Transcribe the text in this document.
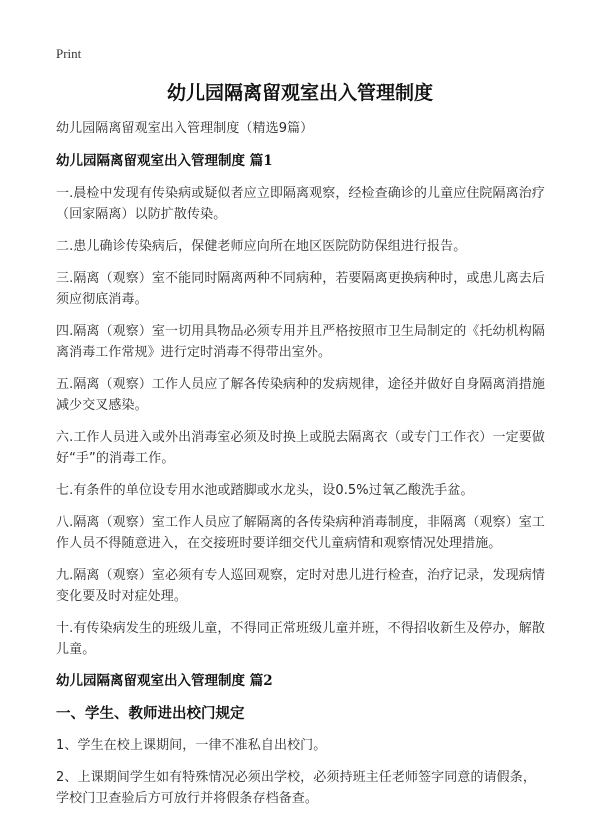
Print
幼儿园隔离留观室出入管理制度

幼儿园隔离留观室出入管理制度（精选9篇）

幼儿园隔离留观室出入管理制度 篇1

一.晨检中发现有传染病或疑似者应立即隔离观察，经检查确诊的儿童应住院隔离治疗（回家隔离）以防扩散传染。

二.患儿确诊传染病后，保健老师应向所在地区医院防防保组进行报告。

三.隔离（观察）室不能同时隔离两种不同病种，若要隔离更换病种时，或患儿离去后须应彻底消毒。

四.隔离（观察）室一切用具物品必须专用并且严格按照市卫生局制定的《托幼机构隔离消毒工作常规》进行定时消毒不得带出室外。

五.隔离（观察）工作人员应了解各传染病种的发病规律，途径并做好自身隔离消措施减少交叉感染。

六.工作人员进入或外出消毒室必须及时换上或脱去隔离衣（或专门工作衣）一定要做好“手”的消毒工作。

七.有条件的单位设专用水池或踏脚或水龙头，设0.5%过氧乙酸洗手盆。

八.隔离（观察）室工作人员应了解隔离的各传染病种消毒制度，非隔离（观察）室工作人员不得随意进入，在交接班时要详细交代儿童病情和观察情况处理措施。

九.隔离（观察）室必须有专人巡回观察，定时对患儿进行检查，治疗记录，发现病情变化要及时对症处理。

十.有传染病发生的班级儿童，不得同正常班级儿童并班，不得招收新生及停办，解散儿童。

幼儿园隔离留观室出入管理制度 篇2

一、学生、教师进出校门规定

1、学生在校上课期间，一律不准私自出校门。

2、上课期间学生如有特殊情况必须出学校，必须持班主任老师签字同意的请假条，学校门卫查验后方可放行并将假条存档备查。
